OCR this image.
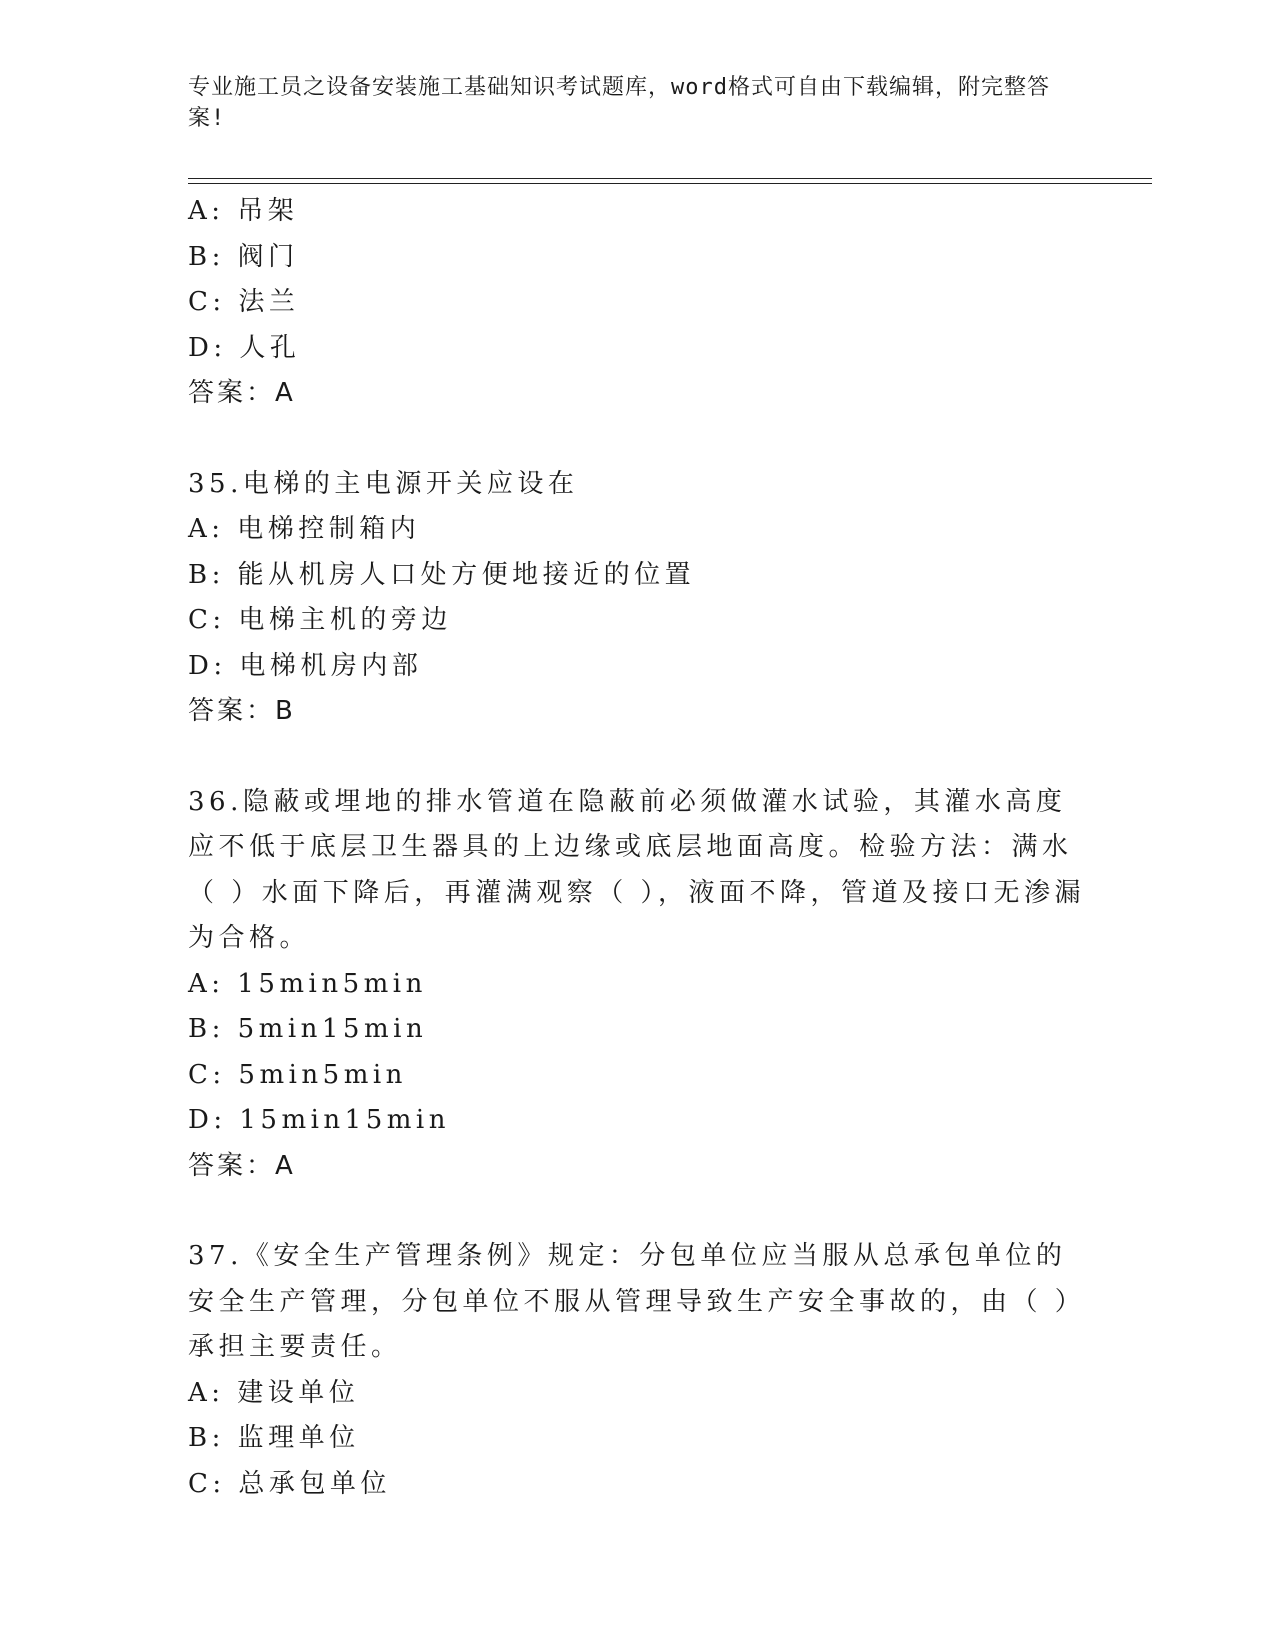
专业施工员之设备安装施工基础知识考试题库，word格式可自由下载编辑，附完整答案!
A: 吊架
B: 阀门
C: 法兰
D: 人孔
答案：A
35.电梯的主电源开关应设在
A: 电梯控制箱内
B: 能从机房人口处方便地接近的位置
C: 电梯主机的旁边
D: 电梯机房内部
答案：B
36.隐蔽或埋地的排水管道在隐蔽前必须做灌水试验，其灌水高度应不低于底层卫生器具的上边缘或底层地面高度。检验方法：满水（ ）水面下降后，再灌满观察（ ），液面不降，管道及接口无渗漏为合格。
A: 15min5min
B: 5min15min
C: 5min5min
D: 15min15min
答案：A
37.《安全生产管理条例》规定：分包单位应当服从总承包单位的安全生产管理，分包单位不服从管理导致生产安全事故的，由（ ）承担主要责任。
A: 建设单位
B: 监理单位
C: 总承包单位
